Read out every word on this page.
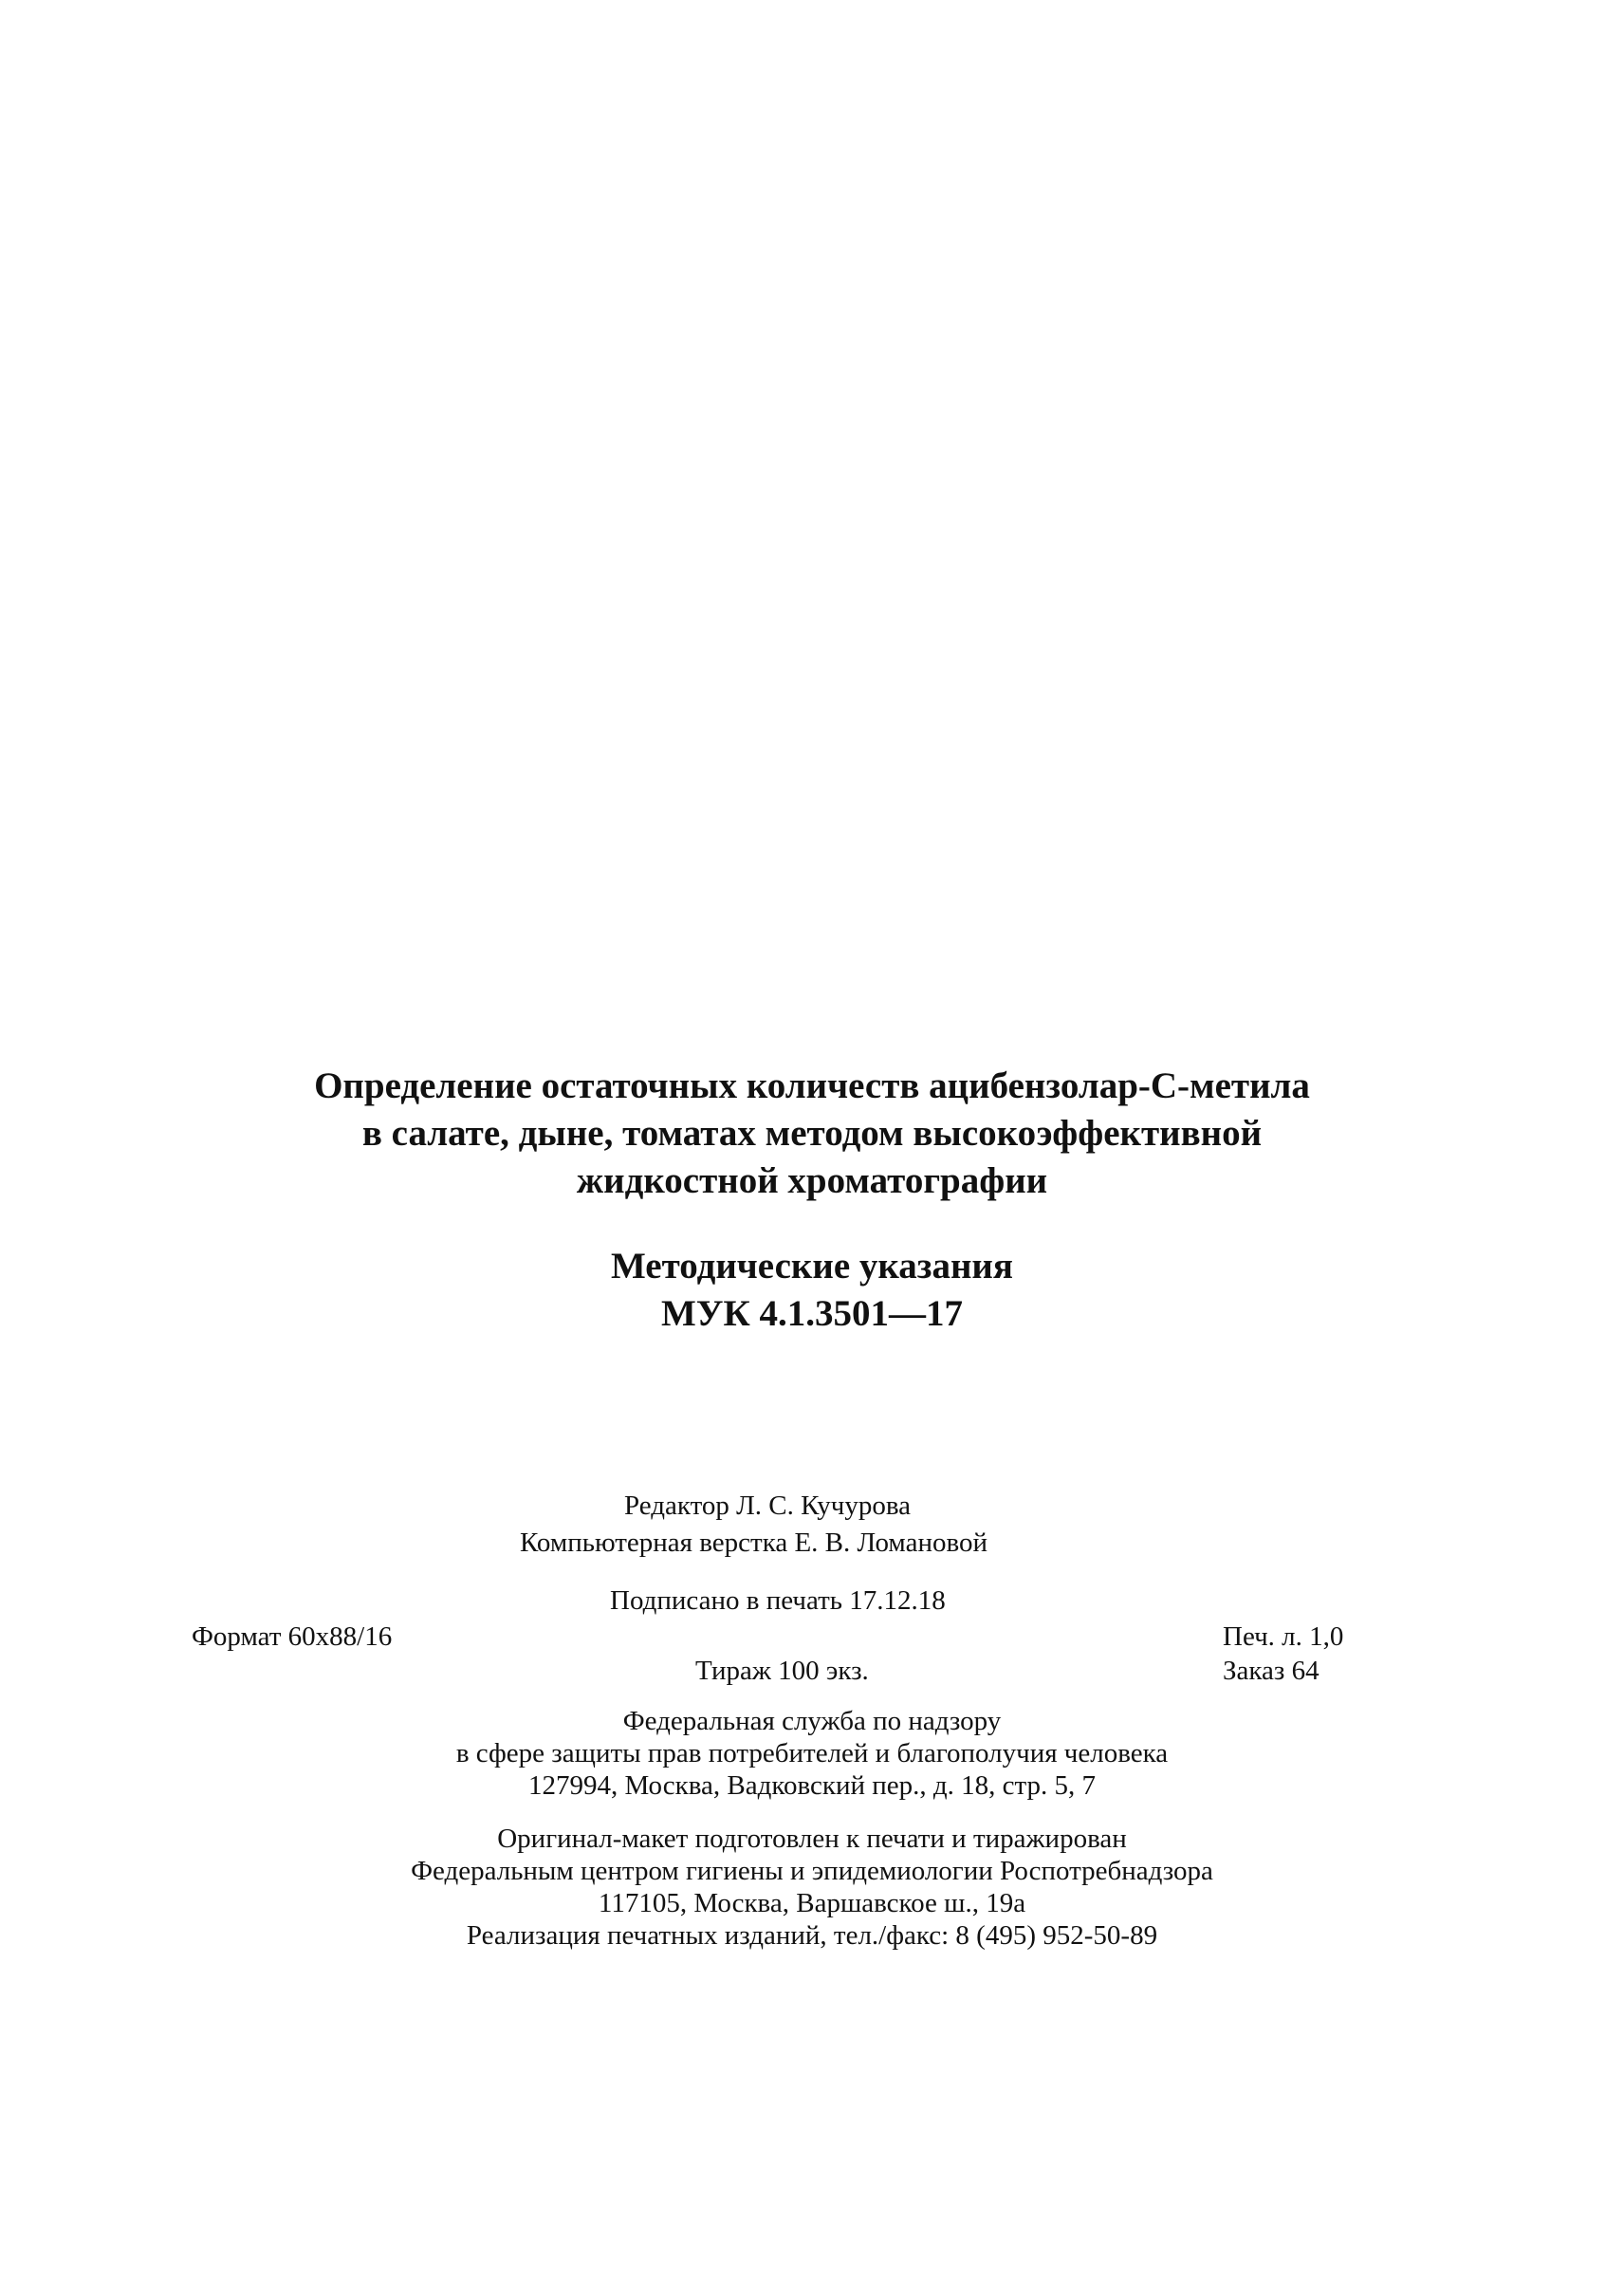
Определение остаточных количеств ацибензолар-С-метила
в салате, дыне, томатах методом высокоэффективной
жидкостной хроматографии
Методические указания
МУК 4.1.3501—17
Редактор Л. С. Кучурова
Компьютерная верстка Е. В. Ломановой
Подписано в печать 17.12.18
Формат 60х88/16	Печ. л. 1,0
Тираж 100 экз.	Заказ 64
Федеральная служба по надзору
в сфере защиты прав потребителей и благополучия человека
127994, Москва, Вадковский пер., д. 18, стр. 5, 7
Оригинал-макет подготовлен к печати и тиражирован
Федеральным центром гигиены и эпидемиологии Роспотребнадзора
117105, Москва, Варшавское ш., 19а
Реализация печатных изданий, тел./факс: 8 (495) 952-50-89
